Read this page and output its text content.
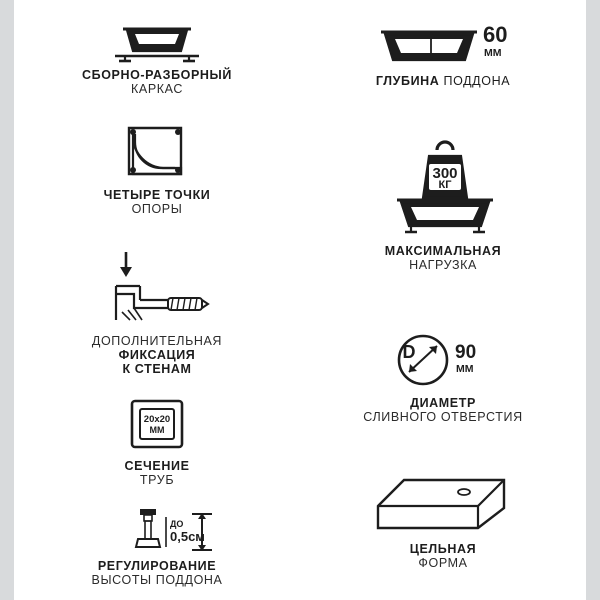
СБОРНО-РАЗБОРНЫЙ
КАРКАС
ЧЕТЫРЕ ТОЧКИ
ОПОРЫ
ДОПОЛНИТЕЛЬНАЯ
ФИКСАЦИЯ
К СТЕНАМ
20x20
ММ
СЕЧЕНИЕ
ТРУБ
ДО
0,5см
РЕГУЛИРОВАНИЕ
ВЫСОТЫ ПОДДОНА
60
ММ
ГЛУБИНА ПОДДОНА
300
КГ
МАКСИМАЛЬНАЯ
НАГРУЗКА
D 90
ММ
ДИАМЕТР
СЛИВНОГО ОТВЕРСТИЯ
ЦЕЛЬНАЯ
ФОРМА
